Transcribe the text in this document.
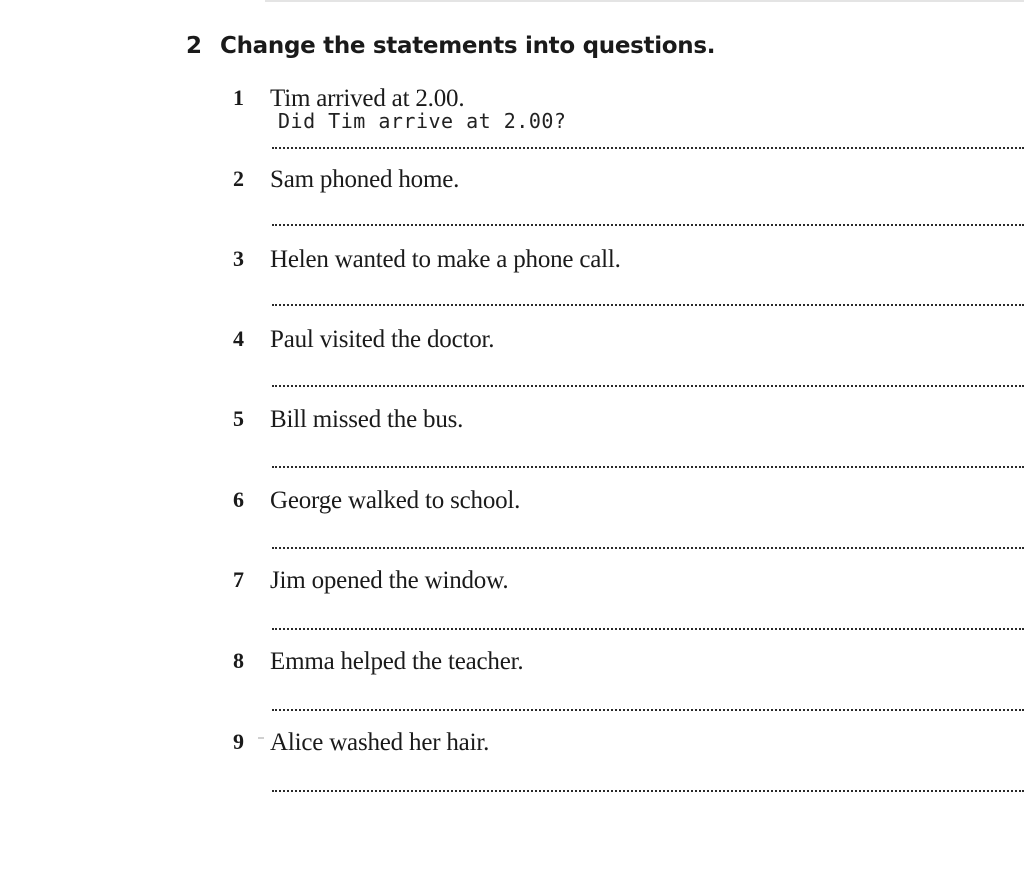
2 Change the statements into questions.
1 Tim arrived at 2.00.
Did Tim arrive at 2.00?
2 Sam phoned home.
3 Helen wanted to make a phone call.
4 Paul visited the doctor.
5 Bill missed the bus.
6 George walked to school.
7 Jim opened the window.
8 Emma helped the teacher.
9 Alice washed her hair.
